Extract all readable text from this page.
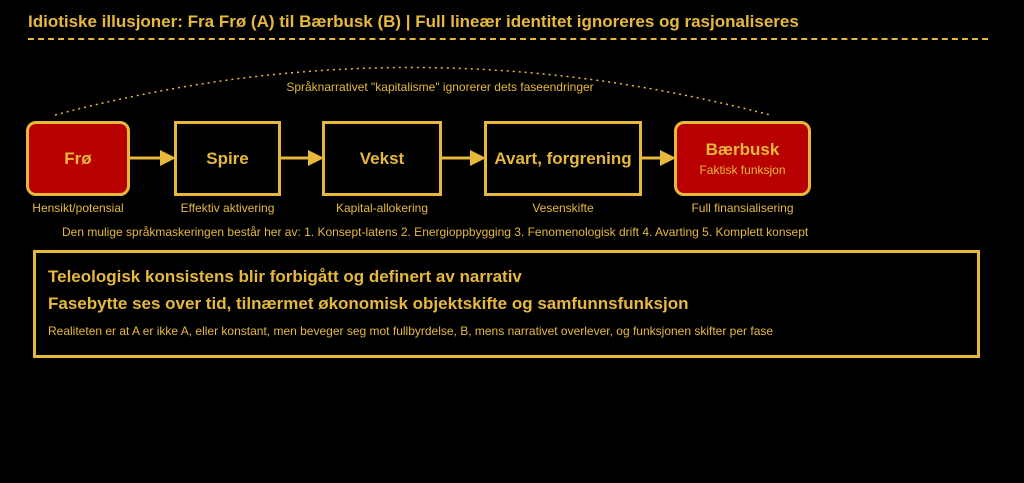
Idiotiske illusjoner: Fra Frø (A) til Bærbusk (B) | Full lineær identitet ignoreres og rasjonaliseres
Språknarrativet "kapitalisme" ignorerer dets faseendringer
Frø	Spire	Vekst	Avart, forgrening	Bærbusk
Faktisk funksjon
Hensikt/potensial	Effektiv aktivering	Kapital-allokering	Vesenskifte	Full finansialisering
Den mulige språkmaskeringen består her av: 1. Konsept-latens 2. Energioppbygging 3. Fenomenologisk drift 4. Avarting 5. Komplett konsept
Teleologisk konsistens blir forbigått og definert av narrativ
Fasebytte ses over tid, tilnærmet økonomisk objektskifte og samfunnsfunksjon
Realiteten er at A er ikke A, eller konstant, men beveger seg mot fullbyrdelse, B, mens narrativet overlever, og funksjonen skifter per fase
